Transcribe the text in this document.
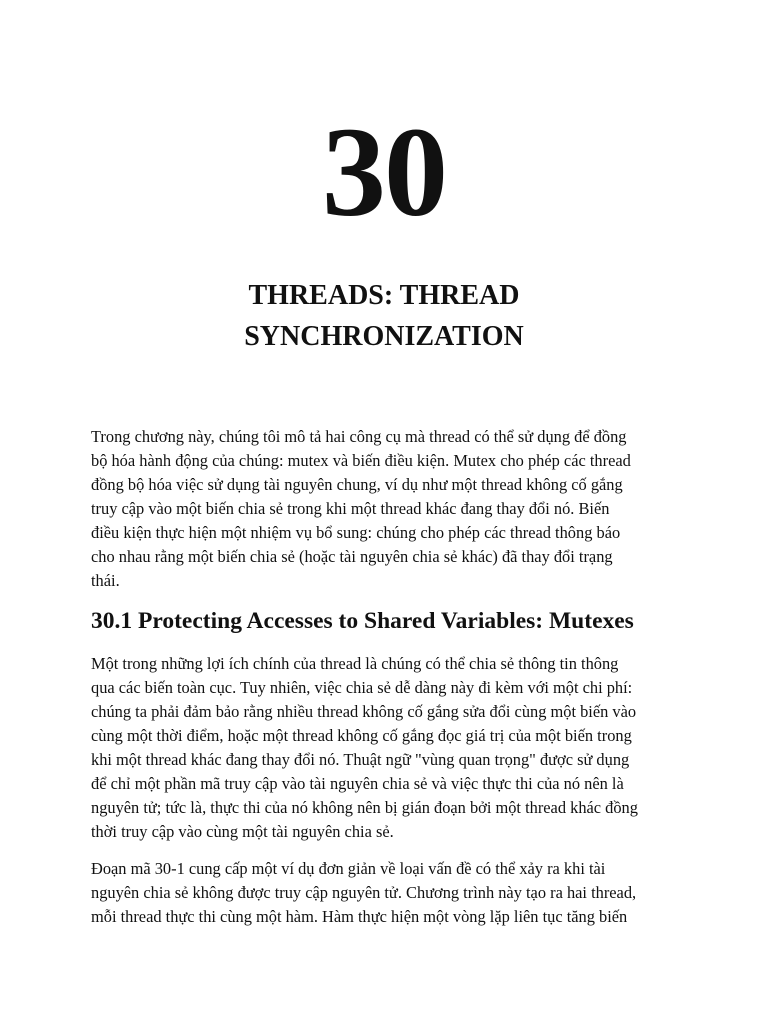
30
THREADS: THREAD
SYNCHRONIZATION

Trong chương này, chúng tôi mô tả hai công cụ mà thread có thể sử dụng để đồng
bộ hóa hành động của chúng: mutex và biến điều kiện. Mutex cho phép các thread
đồng bộ hóa việc sử dụng tài nguyên chung, ví dụ như một thread không cố gắng
truy cập vào một biến chia sẻ trong khi một thread khác đang thay đổi nó. Biến
điều kiện thực hiện một nhiệm vụ bổ sung: chúng cho phép các thread thông báo
cho nhau rằng một biến chia sẻ (hoặc tài nguyên chia sẻ khác) đã thay đổi trạng
thái.

30.1 Protecting Accesses to Shared Variables: Mutexes

Một trong những lợi ích chính của thread là chúng có thể chia sẻ thông tin thông
qua các biến toàn cục. Tuy nhiên, việc chia sẻ dễ dàng này đi kèm với một chi phí:
chúng ta phải đảm bảo rằng nhiều thread không cố gắng sửa đổi cùng một biến vào
cùng một thời điểm, hoặc một thread không cố gắng đọc giá trị của một biến trong
khi một thread khác đang thay đổi nó. Thuật ngữ "vùng quan trọng" được sử dụng
để chỉ một phần mã truy cập vào tài nguyên chia sẻ và việc thực thi của nó nên là
nguyên tử; tức là, thực thi của nó không nên bị gián đoạn bởi một thread khác đồng
thời truy cập vào cùng một tài nguyên chia sẻ.

Đoạn mã 30-1 cung cấp một ví dụ đơn giản về loại vấn đề có thể xảy ra khi tài
nguyên chia sẻ không được truy cập nguyên tử. Chương trình này tạo ra hai thread,
mỗi thread thực thi cùng một hàm. Hàm thực hiện một vòng lặp liên tục tăng biến
